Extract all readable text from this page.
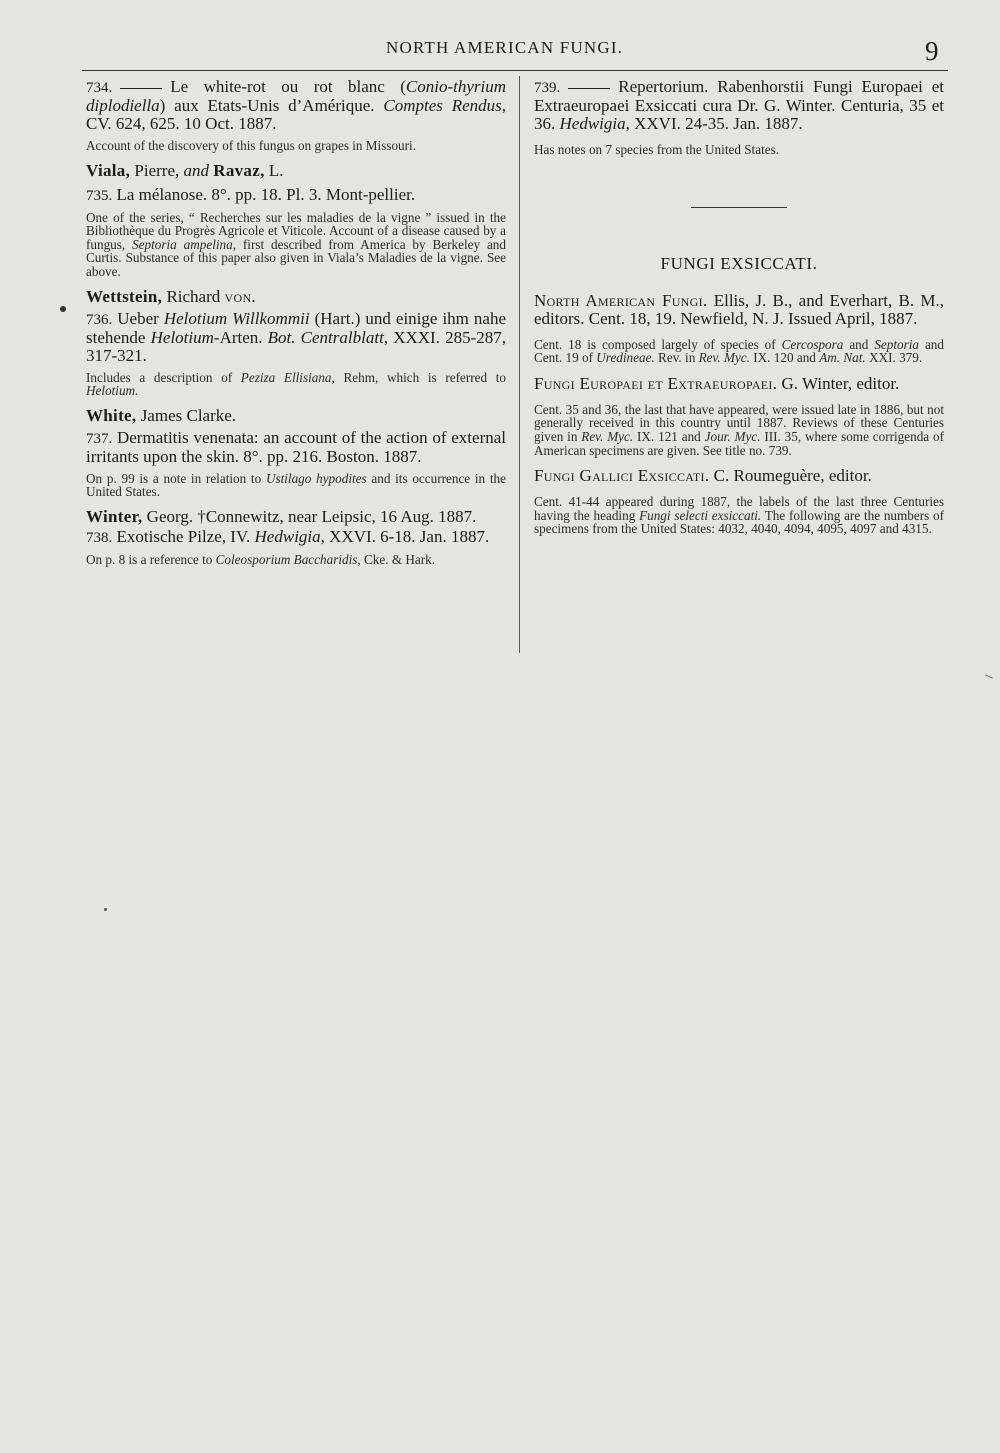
NORTH AMERICAN FUNGI.	9
734.	Le white-rot ou rot blanc (Conio-thyrium diplodiella) aux Etats-Unis d’Amérique. Comptes Rendus, CV. 624, 625. 10 Oct. 1887.
Account of the discovery of this fungus on grapes in Missouri.
Viala, Pierre, and Ravaz, L.
735. La mélanose. 8°. pp. 18. Pl. 3. Mont-pellier.
One of the series, “ Recherches sur les maladies de la vigne ” issued in the Bibliothèque du Progrès Agricole et Viticole. Account of a disease caused by a fungus, Septoria ampelina, first described from America by Berkeley and Curtis. Substance of this paper also given in Viala’s Maladies de la vigne. See above.
Wettstein, Richard von.
736. Ueber Helotium Willkommii (Hart.) und einige ihm nahe stehende Helotium-Arten. Bot. Centralblatt, XXXI. 285-287, 317-321.
Includes a description of Peziza Ellisiana, Rehm, which is referred to Helotium.
White, James Clarke.
737. Dermatitis venenata: an account of the action of external irritants upon the skin. 8°. pp. 216. Boston. 1887.
On p. 99 is a note in relation to Ustilago hypodites and its occurrence in the United States.
Winter, Georg. †Connewitz, near Leipsic, 16 Aug. 1887.
738. Exotische Pilze, IV. Hedwigia, XXVI. 6-18. Jan. 1887.
On p. 8 is a reference to Coleosporium Baccharidis, Cke. & Hark.
739.	Repertorium. Rabenhorstii Fungi Europaei et Extraeuropaei Exsiccati cura Dr. G. Winter. Centuria, 35 et 36. Hedwigia, XXVI. 24-35. Jan. 1887.
Has notes on 7 species from the United States.
FUNGI EXSICCATI.
North American Fungi. Ellis, J. B., and Everhart, B. M., editors. Cent. 18, 19. Newfield, N. J. Issued April, 1887.
Cent. 18 is composed largely of species of Cercospora and Septoria and Cent. 19 of Uredineae. Rev. in Rev. Myc. IX. 120 and Am. Nat. XXI. 379.
Fungi Europaei et Extraeuropaei. G. Winter, editor.
Cent. 35 and 36, the last that have appeared, were issued late in 1886, but not generally received in this country until 1887. Reviews of these Centuries given in Rev. Myc. IX. 121 and Jour. Myc. III. 35, where some corrigenda of American specimens are given. See title no. 739.
Fungi Gallici Exsiccati. C. Roumeguère, editor.
Cent. 41-44 appeared during 1887, the labels of the last three Centuries having the heading Fungi selecti exsiccati. The following are the numbers of specimens from the United States: 4032, 4040, 4094, 4095, 4097 and 4315.
